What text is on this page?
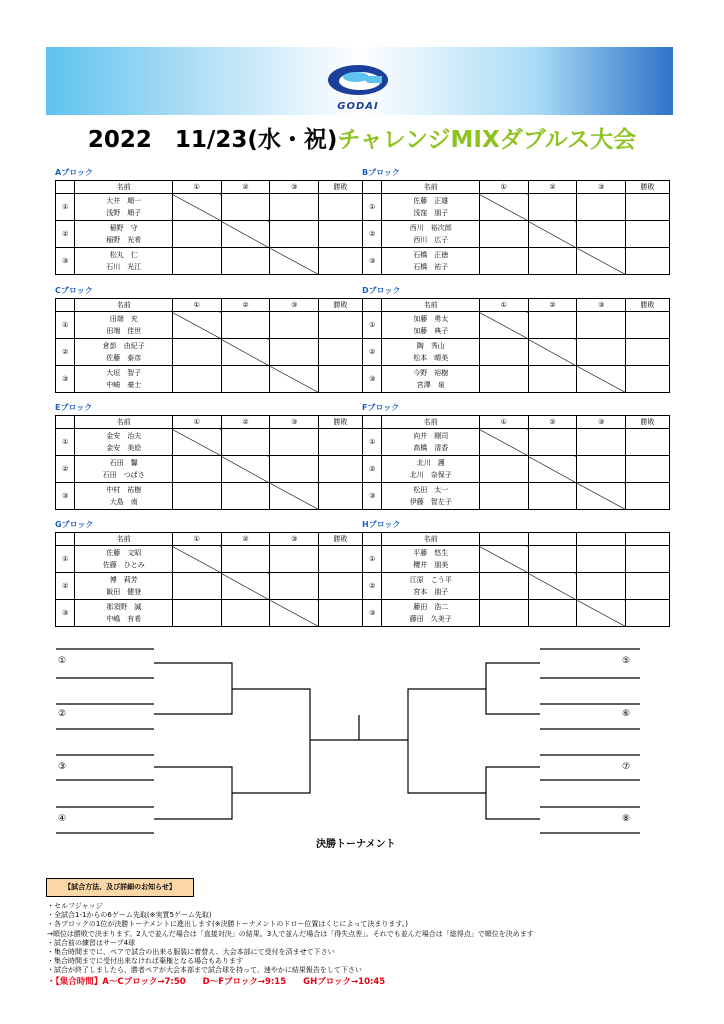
GODAI
2022　11/23(水・祝)チャレンジMIXダブルス大会
Aブロック
	名前	①	②	③	勝敗
①	大井　順一
浅野　順子				

②	稲野　守
稲野　光希				

③	松丸　仁
石川　光江				

Bブロック
	名前	①	②	③	勝敗
①	佐藤　正雄
浅窪　朋子				

②	西川　裕次郎
西川　広子				

③	石橋　正徳
石橋　祐子				

Cブロック
	名前	①	②	③	勝敗
①	田端　充
田端　佳世				

②	倉彭　由紀子
佐藤　泰彦				

③	大垣　智子
中崎　豪士				

Dブロック
	名前	①	②	③	勝敗
①	加藤　勇太
加藤　典子				

②	陶　秀山
松本　晴美				

③	今野　裕樹
宮澤　泉				

Eブロック
	名前	①	②	③	勝敗
①	金安　治夫
金安　美絵				

②	石田　馨
石田　つばさ				

③	中村　祐樹
大島　南				

Fブロック
	名前	①	②	③	勝敗
①	向井　剛司
高橋　清香				

②	北川　護
北川　奈保子				

③	松田　太一
伊藤　智左子				

Gブロック
	名前	①	②	③	勝敗
①	佐藤　文昭
佐藤　ひとみ				

②	傅　莉芳
飯田　健登				

③	那須野　誠
中嶋　有希				

Hブロック
	名前				
①	平藤　悠生
櫻井　朋美				

②	江原　こう平
宮本　朋子				

③	藤田　浩二
藤田　久美子				

①
②
③
④
⑤
⑥
⑦
⑧
決勝トーナメント
【試合方法、及び詳細のお知らせ】
・セルフジャッジ
・全試合1-1からの6ゲーム先取(※実質5ゲーム先取)
・各ブロックの1位が決勝トーナメントに進出します(※決勝トーナメントのドロー位置はくじによって決まります。)
→順位は勝敗で決まります。2人で並んだ場合は「直接対決」の結果。3人で並んだ場合は「得失点差」。それでも並んだ場合は「総得点」で順位を決めます
・試合前の練習はサーブ4球
・集合時間までに、ペアで試合の出来る服装に着替え、大会本部にて受付を済ませて下さい
・集合時間までに受付出来なければ棄権となる場合もあります
・試合が終了しましたら、勝者ペアが大会本部まで試合球を持って、速やかに結果報告をして下さい
・【集合時間】A～Cブロック→7:50　　D～Fブロック→9:15　　GHブロック→10:45
